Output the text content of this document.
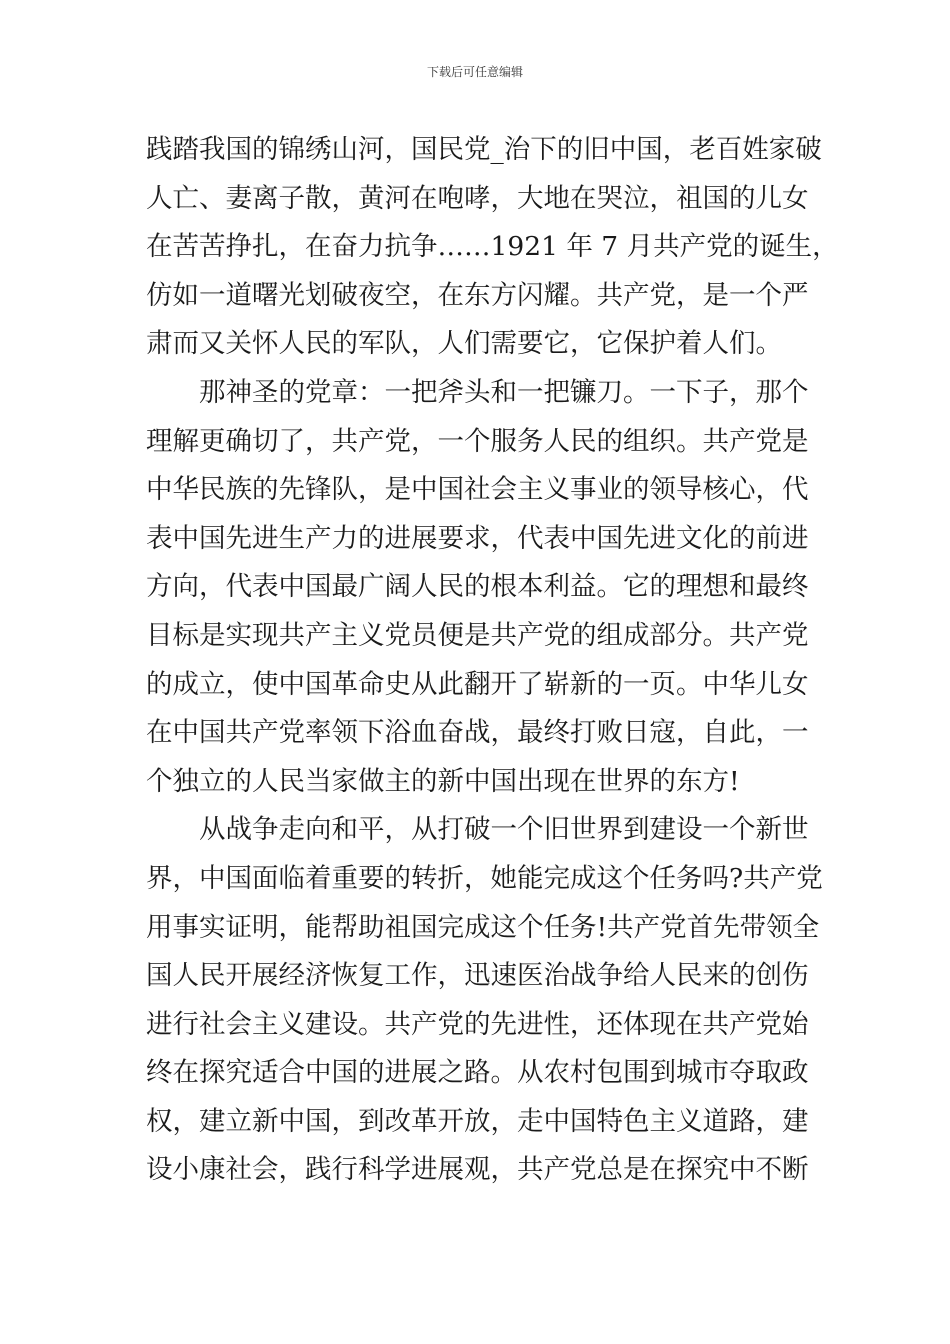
下载后可任意编辑
践踏我国的锦绣山河，国民党_治下的旧中国，老百姓家破
人亡、妻离子散，黄河在咆哮，大地在哭泣，祖国的儿女
在苦苦挣扎，在奋力抗争……1921 年 7 月共产党的诞生，
仿如一道曙光划破夜空，在东方闪耀。共产党，是一个严
肃而又关怀人民的军队，人们需要它，它保护着人们。
那神圣的党章：一把斧头和一把镰刀。一下子，那个
理解更确切了，共产党，一个服务人民的组织。共产党是
中华民族的先锋队，是中国社会主义事业的领导核心，代
表中国先进生产力的进展要求，代表中国先进文化的前进
方向，代表中国最广阔人民的根本利益。它的理想和最终
目标是实现共产主义党员便是共产党的组成部分。共产党
的成立，使中国革命史从此翻开了崭新的一页。中华儿女
在中国共产党率领下浴血奋战，最终打败日寇，自此，一
个独立的人民当家做主的新中国出现在世界的东方!
从战争走向和平，从打破一个旧世界到建设一个新世
界，中国面临着重要的转折，她能完成这个任务吗?共产党
用事实证明，能帮助祖国完成这个任务!共产党首先带领全
国人民开展经济恢复工作，迅速医治战争给人民来的创伤
进行社会主义建设。共产党的先进性，还体现在共产党始
终在探究适合中国的进展之路。从农村包围到城市夺取政
权，建立新中国，到改革开放，走中国特色主义道路，建
设小康社会，践行科学进展观，共产党总是在探究中不断
